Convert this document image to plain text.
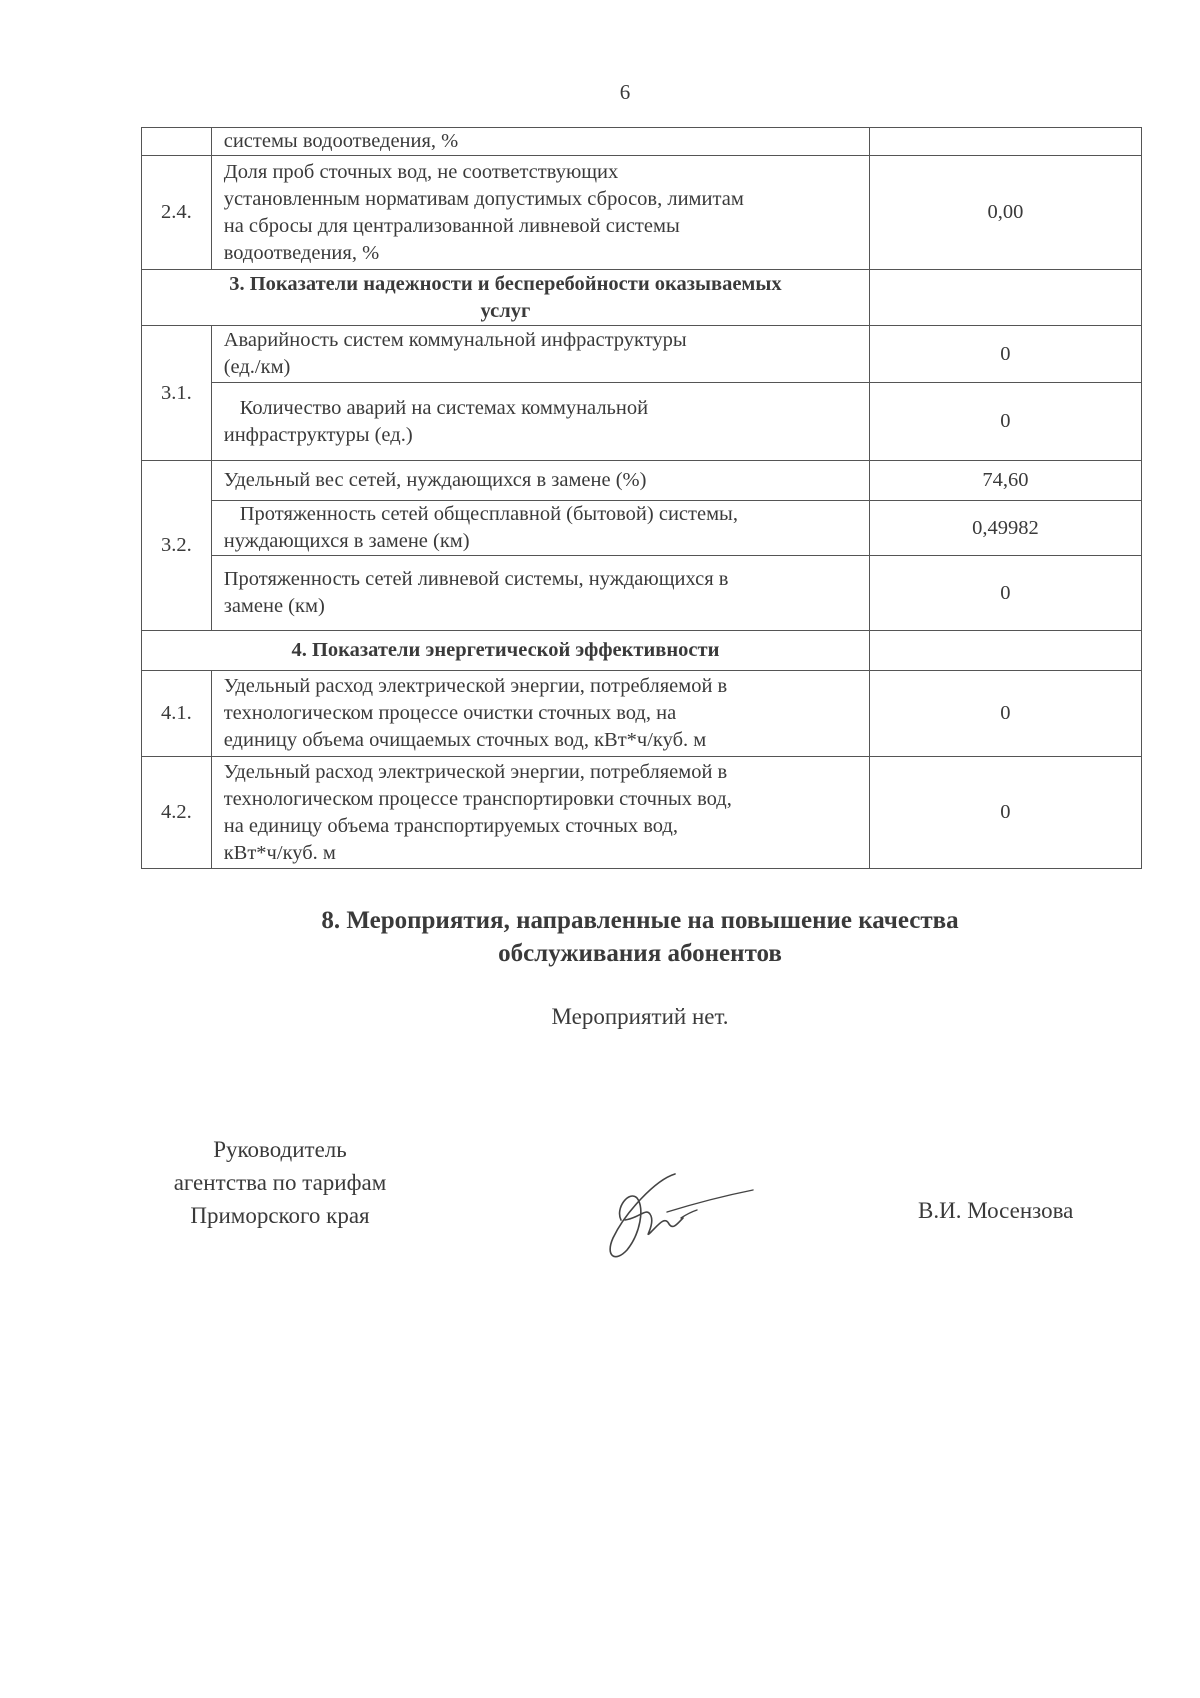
6
	системы водоотведения, %	
2.4.	Доля проб сточных вод, не соответствующих
установленным нормативам допустимых сбросов, лимитам
на сбросы для централизованной ливневой системы
водоотведения, %	0,00
3. Показатели надежности и бесперебойности оказываемых
услуг		
3.1.	Аварийность систем коммунальной инфраструктуры
(ед./км)	0
	Количество аварий на системах коммунальной
инфраструктуры (ед.)	0
3.2.	Удельный вес сетей, нуждающихся в замене (%)	74,60
	Протяженность сетей общесплавной (бытовой) системы,
нуждающихся в замене (км)	0,49982
	Протяженность сетей ливневой системы, нуждающихся в
замене (км)	0
4. Показатели энергетической эффективности		
4.1.	Удельный расход электрической энергии, потребляемой в
технологическом процессе очистки сточных вод, на
единицу объема очищаемых сточных вод, кВт*ч/куб. м	0
4.2.	Удельный расход электрической энергии, потребляемой в
технологическом процессе транспортировки сточных вод,
на единицу объема транспортируемых сточных вод,
кВт*ч/куб. м	0
8. Мероприятия, направленные на повышение качества
обслуживания абонентов
Мероприятий нет.
Руководитель
агентства по тарифам
Приморского края	В.И. Мосензова
